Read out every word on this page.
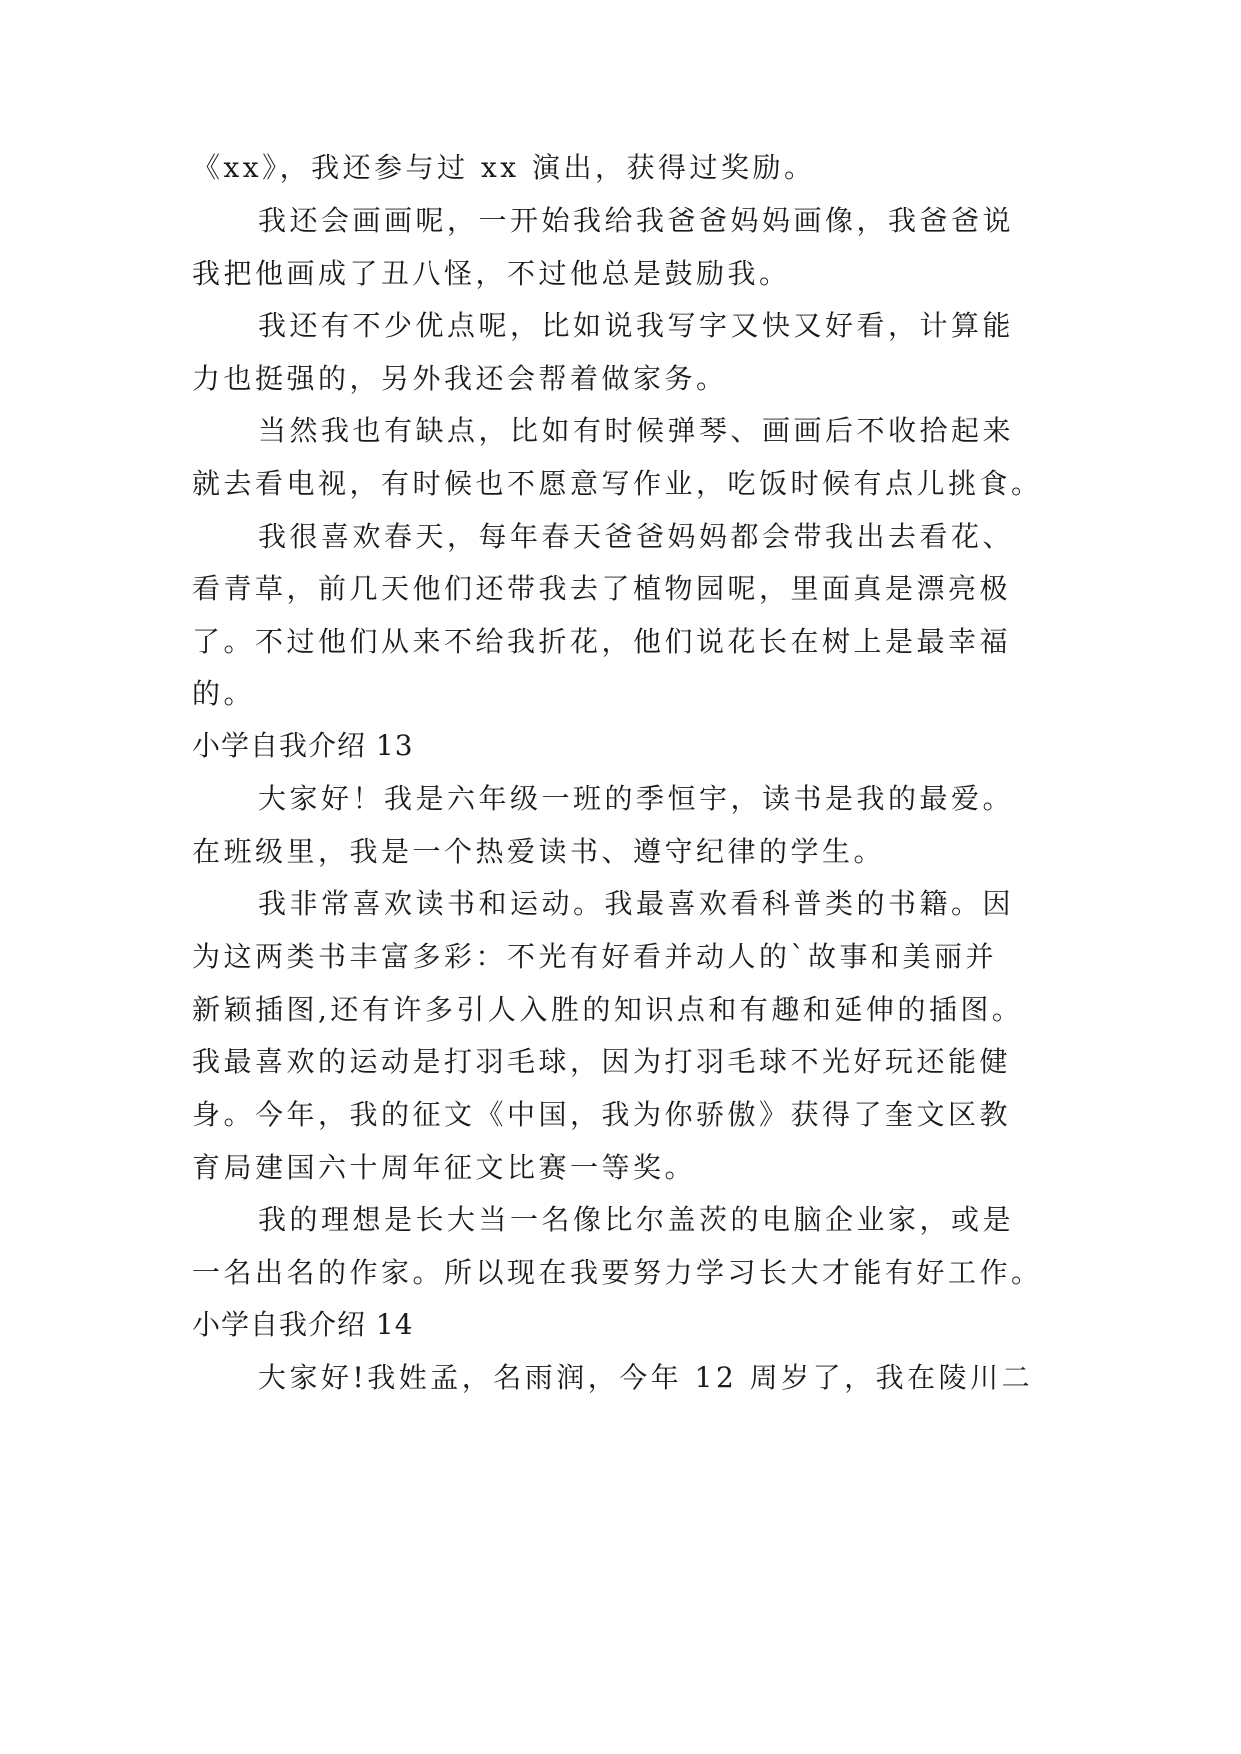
《xx》，我还参与过 xx 演出，获得过奖励。
我还会画画呢，一开始我给我爸爸妈妈画像，我爸爸说
我把他画成了丑八怪，不过他总是鼓励我。
我还有不少优点呢，比如说我写字又快又好看，计算能
力也挺强的，另外我还会帮着做家务。
当然我也有缺点，比如有时候弹琴、画画后不收拾起来
就去看电视，有时候也不愿意写作业，吃饭时候有点儿挑食。
我很喜欢春天，每年春天爸爸妈妈都会带我出去看花、
看青草，前几天他们还带我去了植物园呢，里面真是漂亮极
了。不过他们从来不给我折花，他们说花长在树上是最幸福
的。
小学自我介绍 13
大家好！我是六年级一班的季恒宇，读书是我的最爱。
在班级里，我是一个热爱读书、遵守纪律的学生。
我非常喜欢读书和运动。我最喜欢看科普类的书籍。因
为这两类书丰富多彩：不光有好看并动人的`故事和美丽并
新颖插图,还有许多引人入胜的知识点和有趣和延伸的插图。
我最喜欢的运动是打羽毛球，因为打羽毛球不光好玩还能健
身。今年，我的征文《中国，我为你骄傲》获得了奎文区教
育局建国六十周年征文比赛一等奖。
我的理想是长大当一名像比尔盖茨的电脑企业家，或是
一名出名的作家。所以现在我要努力学习长大才能有好工作。
小学自我介绍 14
大家好!我姓孟，名雨润，今年 12 周岁了，我在陵川二
